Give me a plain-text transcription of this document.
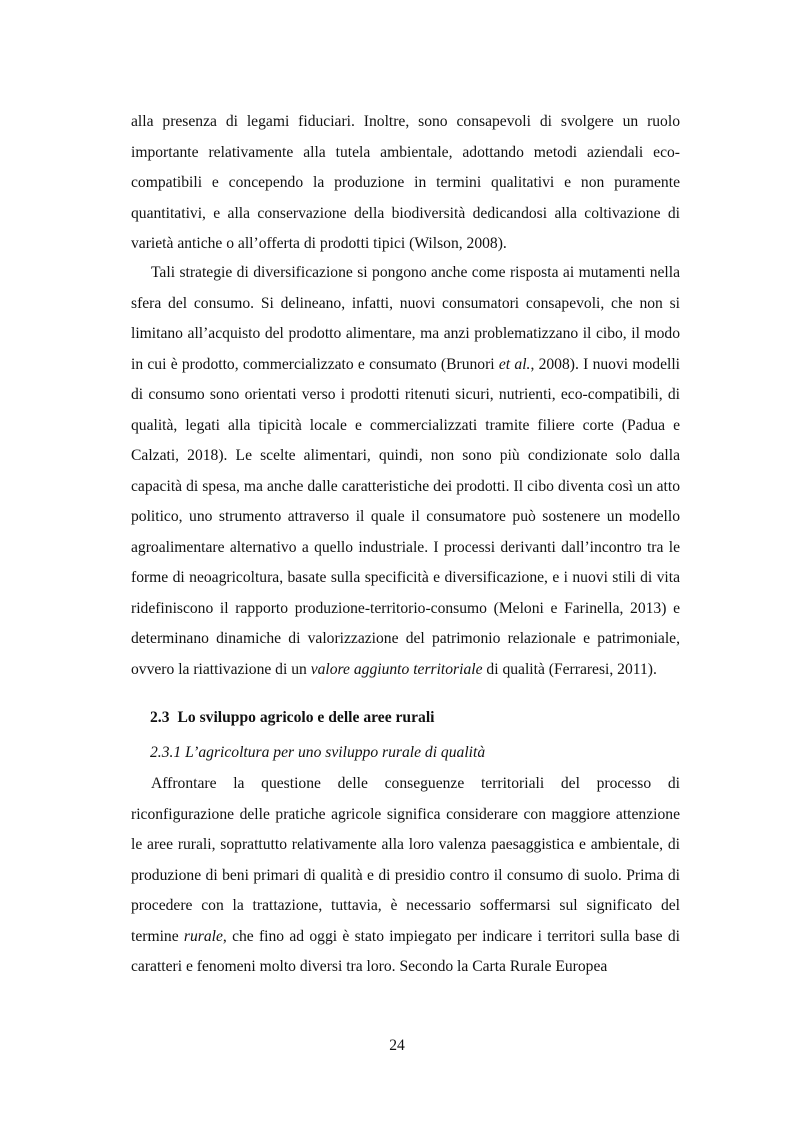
alla presenza di legami fiduciari. Inoltre, sono consapevoli di svolgere un ruolo importante relativamente alla tutela ambientale, adottando metodi aziendali eco-compatibili e concependo la produzione in termini qualitativi e non puramente quantitativi, e alla conservazione della biodiversità dedicandosi alla coltivazione di varietà antiche o all’offerta di prodotti tipici (Wilson, 2008).
Tali strategie di diversificazione si pongono anche come risposta ai mutamenti nella sfera del consumo. Si delineano, infatti, nuovi consumatori consapevoli, che non si limitano all’acquisto del prodotto alimentare, ma anzi problematizzano il cibo, il modo in cui è prodotto, commercializzato e consumato (Brunori et al., 2008). I nuovi modelli di consumo sono orientati verso i prodotti ritenuti sicuri, nutrienti, eco-compatibili, di qualità, legati alla tipicità locale e commercializzati tramite filiere corte (Padua e Calzati, 2018). Le scelte alimentari, quindi, non sono più condizionate solo dalla capacità di spesa, ma anche dalle caratteristiche dei prodotti. Il cibo diventa così un atto politico, uno strumento attraverso il quale il consumatore può sostenere un modello agroalimentare alternativo a quello industriale. I processi derivanti dall’incontro tra le forme di neoagricoltura, basate sulla specificità e diversificazione, e i nuovi stili di vita ridefiniscono il rapporto produzione-territorio-consumo (Meloni e Farinella, 2013) e determinano dinamiche di valorizzazione del patrimonio relazionale e patrimoniale, ovvero la riattivazione di un valore aggiunto territoriale di qualità (Ferraresi, 2011).
2.3 Lo sviluppo agricolo e delle aree rurali
2.3.1 L’agricoltura per uno sviluppo rurale di qualità
Affrontare la questione delle conseguenze territoriali del processo di riconfigurazione delle pratiche agricole significa considerare con maggiore attenzione le aree rurali, soprattutto relativamente alla loro valenza paesaggistica e ambientale, di produzione di beni primari di qualità e di presidio contro il consumo di suolo. Prima di procedere con la trattazione, tuttavia, è necessario soffermarsi sul significato del termine rurale, che fino ad oggi è stato impiegato per indicare i territori sulla base di caratteri e fenomeni molto diversi tra loro. Secondo la Carta Rurale Europea
24
